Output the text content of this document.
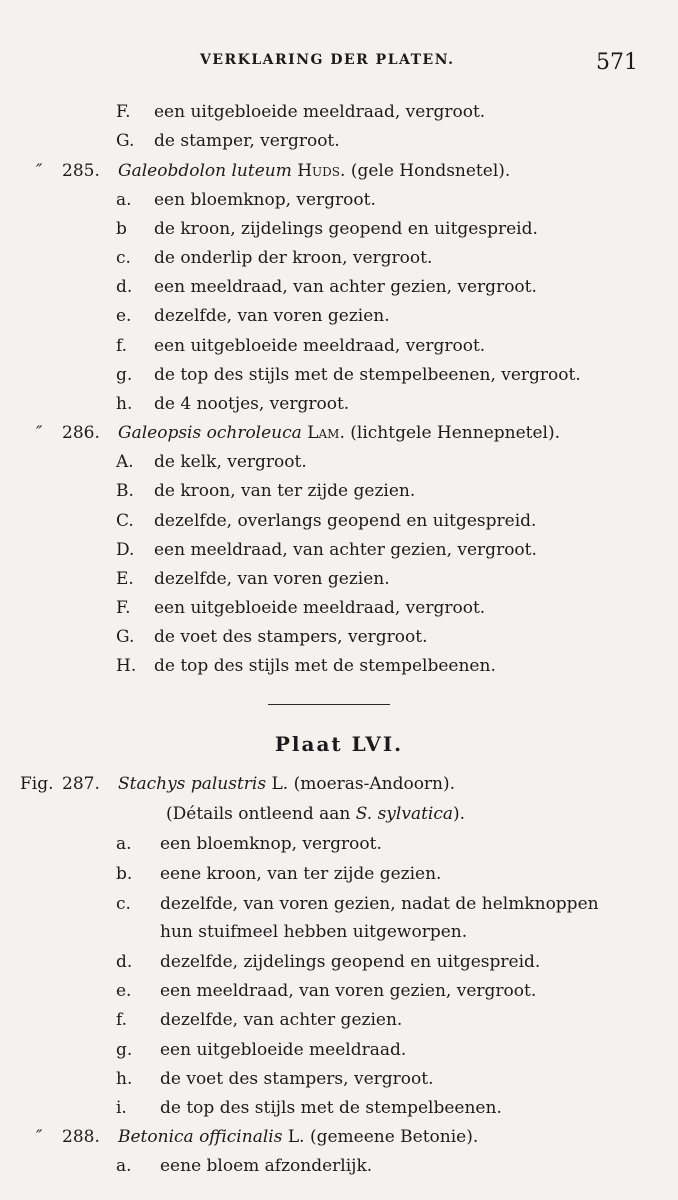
VERKLARING DER PLATEN.	571
F. een uitgebloeide meeldraad, vergroot.
G. de stamper, vergroot.
″ 285. Galeobdolon luteum Huds. (gele Hondsnetel).
a. een bloemknop, vergroot.
b de kroon, zijdelings geopend en uitgespreid.
c. de onderlip der kroon, vergroot.
d. een meeldraad, van achter gezien, vergroot.
e. dezelfde, van voren gezien.
f. een uitgebloeide meeldraad, vergroot.
g. de top des stijls met de stempelbeenen, vergroot.
h. de 4 nootjes, vergroot.
″ 286. Galeopsis ochroleuca Lam. (lichtgele Hennepnetel).
A. de kelk, vergroot.
B. de kroon, van ter zijde gezien.
C. dezelfde, overlangs geopend en uitgespreid.
D. een meeldraad, van achter gezien, vergroot.
E. dezelfde, van voren gezien.
F. een uitgebloeide meeldraad, vergroot.
G. de voet des stampers, vergroot.
H. de top des stijls met de stempelbeenen.
Plaat LVI.
Fig. 287. Stachys palustris L. (moeras-Andoorn).
(Détails ontleend aan S. sylvatica).
a. een bloemknop, vergroot.
b. eene kroon, van ter zijde gezien.
c. dezelfde, van voren gezien, nadat de helmknoppen
hun stuifmeel hebben uitgeworpen.
d. dezelfde, zijdelings geopend en uitgespreid.
e. een meeldraad, van voren gezien, vergroot.
f. dezelfde, van achter gezien.
g. een uitgebloeide meeldraad.
h. de voet des stampers, vergroot.
i. de top des stijls met de stempelbeenen.
″ 288. Betonica officinalis L. (gemeene Betonie).
a. eene bloem afzonderlijk.
